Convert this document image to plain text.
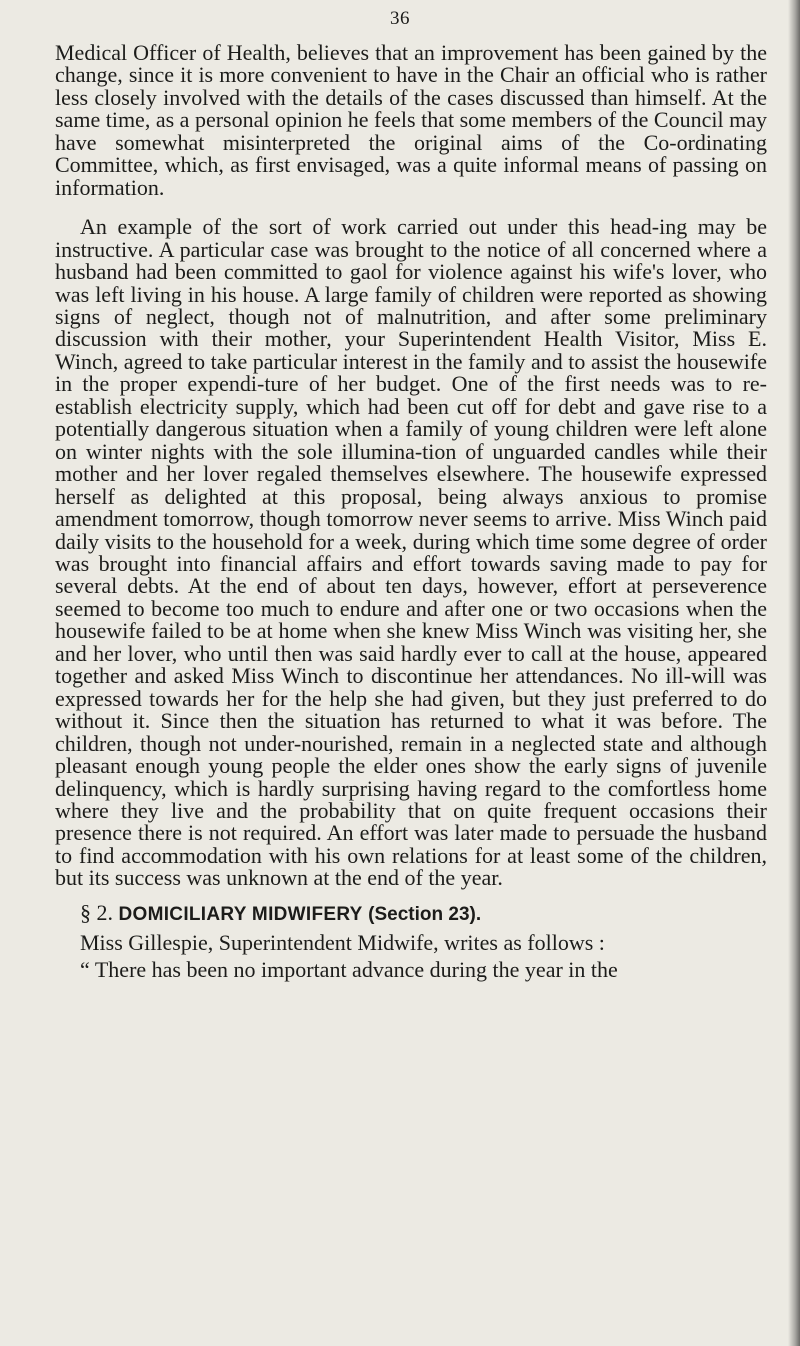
36

Medical Officer of Health, believes that an improvement has been gained by the change, since it is more convenient to have in the Chair an official who is rather less closely involved with the details of the cases discussed than himself. At the same time, as a personal opinion he feels that some members of the Council may have somewhat misinterpreted the original aims of the Co-ordinating Committee, which, as first envisaged, was a quite informal means of passing on information.

An example of the sort of work carried out under this head-ing may be instructive. A particular case was brought to the notice of all concerned where a husband had been committed to gaol for violence against his wife's lover, who was left living in his house. A large family of children were reported as showing signs of neglect, though not of malnutrition, and after some preliminary discussion with their mother, your Superintendent Health Visitor, Miss E. Winch, agreed to take particular interest in the family and to assist the housewife in the proper expendi-ture of her budget. One of the first needs was to re-establish electricity supply, which had been cut off for debt and gave rise to a potentially dangerous situation when a family of young children were left alone on winter nights with the sole illumina-tion of unguarded candles while their mother and her lover regaled themselves elsewhere. The housewife expressed herself as delighted at this proposal, being always anxious to promise amendment tomorrow, though tomorrow never seems to arrive. Miss Winch paid daily visits to the household for a week, during which time some degree of order was brought into financial affairs and effort towards saving made to pay for several debts. At the end of about ten days, however, effort at perseverence seemed to become too much to endure and after one or two occasions when the housewife failed to be at home when she knew Miss Winch was visiting her, she and her lover, who until then was said hardly ever to call at the house, appeared together and asked Miss Winch to discontinue her attendances. No ill-will was expressed towards her for the help she had given, but they just preferred to do without it. Since then the situation has returned to what it was before. The children, though not under-nourished, remain in a neglected state and although pleasant enough young people the elder ones show the early signs of juvenile delinquency, which is hardly surprising having regard to the comfortless home where they live and the probability that on quite frequent occasions their presence there is not required. An effort was later made to persuade the husband to find accommodation with his own relations for at least some of the children, but its success was unknown at the end of the year.

§ 2. DOMICILIARY MIDWIFERY (Section 23).

Miss Gillespie, Superintendent Midwife, writes as follows :

“ There has been no important advance during the year in the
